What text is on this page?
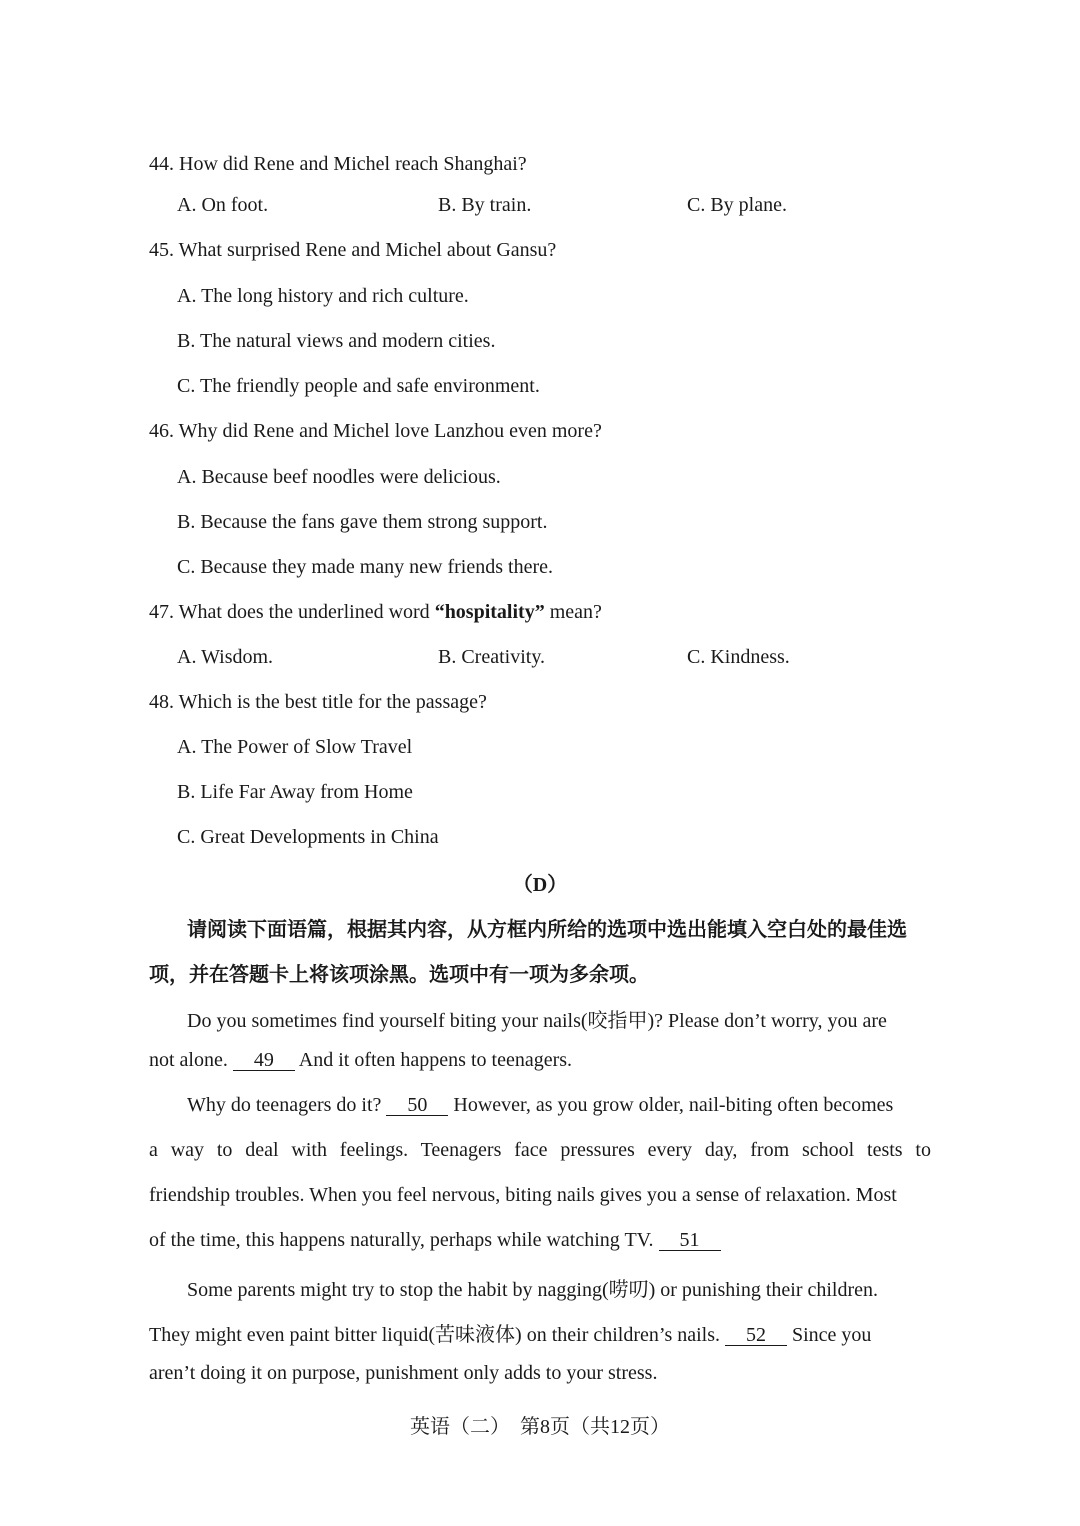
44. How did Rene and Michel reach Shanghai?
A. On foot.	B. By train.	C. By plane.
45. What surprised Rene and Michel about Gansu?
A. The long history and rich culture.
B. The natural views and modern cities.
C. The friendly people and safe environment.
46. Why did Rene and Michel love Lanzhou even more?
A. Because beef noodles were delicious.
B. Because the fans gave them strong support.
C. Because they made many new friends there.
47. What does the underlined word “hospitality” mean?
A. Wisdom.	B. Creativity.	C. Kindness.
48. Which is the best title for the passage?
A. The Power of Slow Travel
B. Life Far Away from Home
C. Great Developments in China
（D）
请阅读下面语篇，根据其内容，从方框内所给的选项中选出能填入空白处的最佳选
项，并在答题卡上将该项涂黑。选项中有一项为多余项。
Do you sometimes find yourself biting your nails(咬指甲)? Please don’t worry, you are
not alone. 49 And it often happens to teenagers.
Why do teenagers do it? 50 However, as you grow older, nail-biting often becomes
a way to deal with feelings. Teenagers face pressures every day, from school tests to
friendship troubles. When you feel nervous, biting nails gives you a sense of relaxation. Most
of the time, this happens naturally, perhaps while watching TV. 51
Some parents might try to stop the habit by nagging(唠叨) or punishing their children.
They might even paint bitter liquid(苦味液体) on their children’s nails. 52 Since you
aren’t doing it on purpose, punishment only adds to your stress.
英语（二）　第8页（共12页）
